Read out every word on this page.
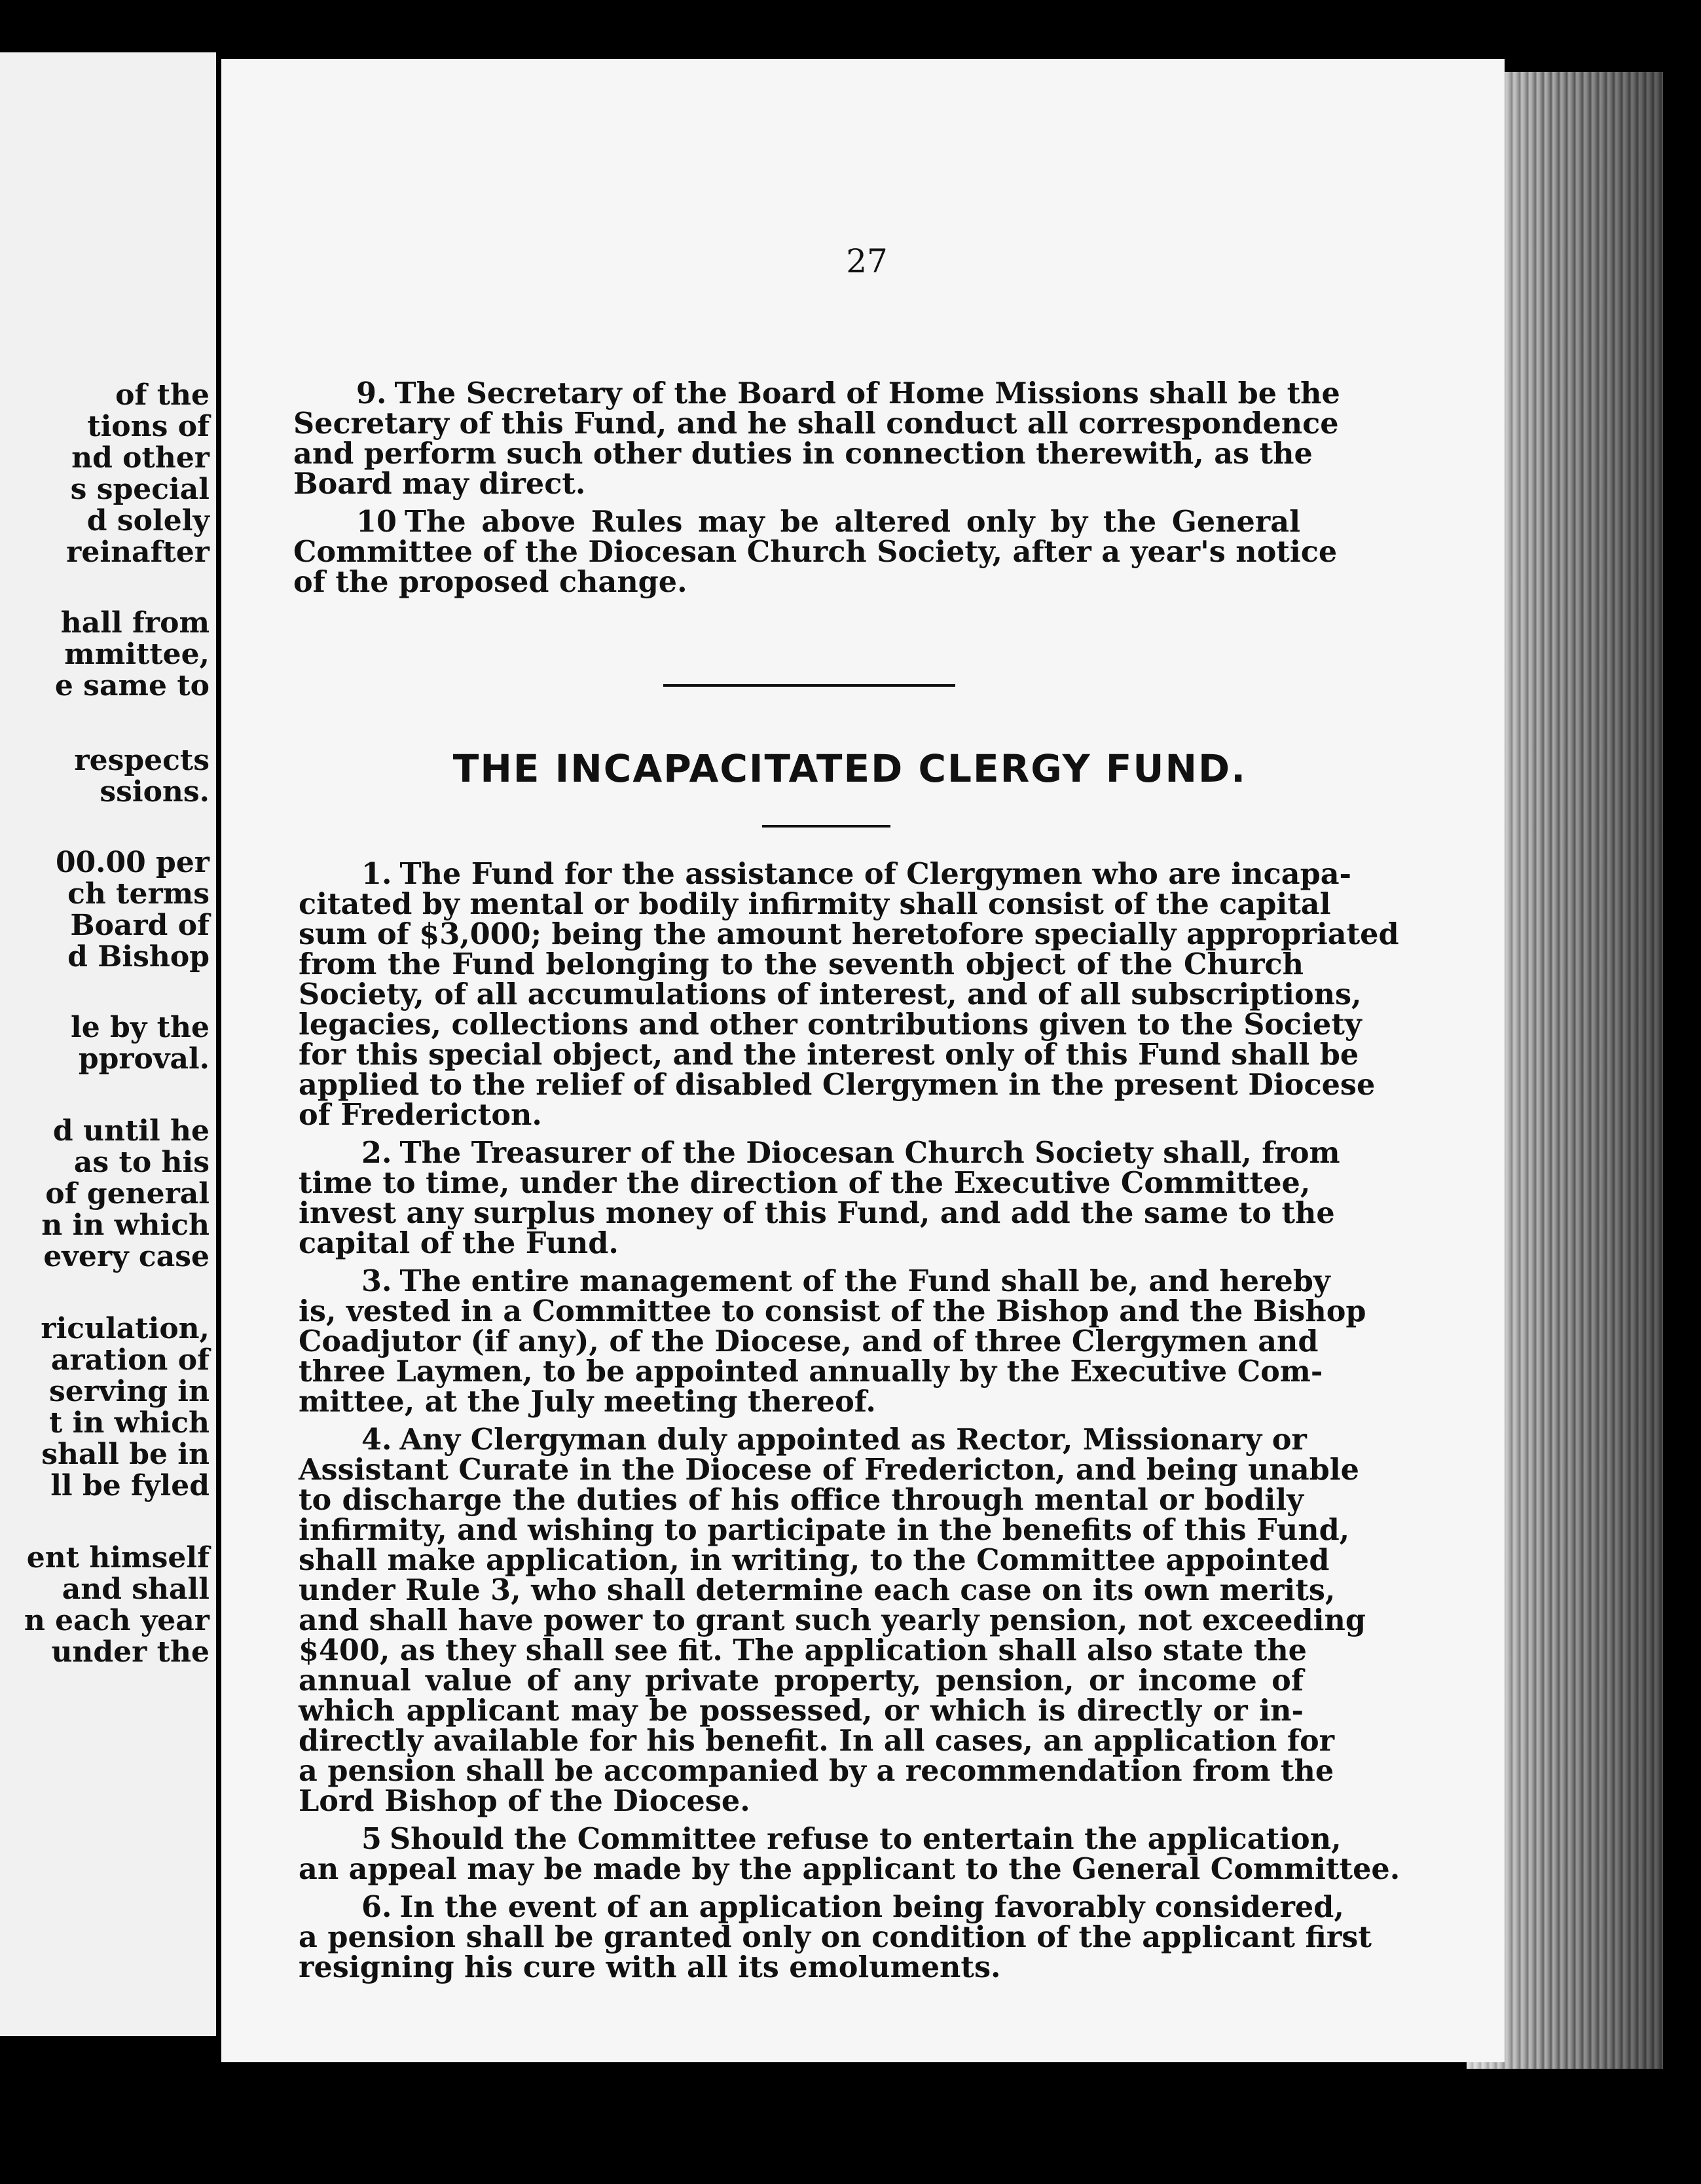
of the
tions of
nd other
s special
d solely
reinafter
hall from
mmittee,
e same to
respects
ssions.
00.00 per
ch terms
Board of
d Bishop
le by the
pproval.
d until he
as to his
of general
n in which
every case
riculation,
aration of
serving in
t in which
shall be in
ll be fyled
ent himself
and shall
n each year
under the
27
9. The Secretary of the Board of Home Missions shall be the
Secretary of this Fund, and he shall conduct all correspondence
and perform such other duties in connection therewith, as the
Board may direct.
10 The above Rules may be altered only by the General
Committee of the Diocesan Church Society, after a year's notice
of the proposed change.
THE INCAPACITATED CLERGY FUND.
1. The Fund for the assistance of Clergymen who are incapa-
citated by mental or bodily infirmity shall consist of the capital
sum of $3,000; being the amount heretofore specially appropriated
from the Fund belonging to the seventh object of the Church
Society, of all accumulations of interest, and of all subscriptions,
legacies, collections and other contributions given to the Society
for this special object, and the interest only of this Fund shall be
applied to the relief of disabled Clergymen in the present Diocese
of Fredericton.
2. The Treasurer of the Diocesan Church Society shall, from
time to time, under the direction of the Executive Committee,
invest any surplus money of this Fund, and add the same to the
capital of the Fund.
3. The entire management of the Fund shall be, and hereby
is, vested in a Committee to consist of the Bishop and the Bishop
Coadjutor (if any), of the Diocese, and of three Clergymen and
three Laymen, to be appointed annually by the Executive Com-
mittee, at the July meeting thereof.
4. Any Clergyman duly appointed as Rector, Missionary or
Assistant Curate in the Diocese of Fredericton, and being unable
to discharge the duties of his office through mental or bodily
infirmity, and wishing to participate in the benefits of this Fund,
shall make application, in writing, to the Committee appointed
under Rule 3, who shall determine each case on its own merits,
and shall have power to grant such yearly pension, not exceeding
$400, as they shall see fit. The application shall also state the
annual value of any private property, pension, or income of
which applicant may be possessed, or which is directly or in-
directly available for his benefit. In all cases, an application for
a pension shall be accompanied by a recommendation from the
Lord Bishop of the Diocese.
5 Should the Committee refuse to entertain the application,
an appeal may be made by the applicant to the General Committee.
6. In the event of an application being favorably considered,
a pension shall be granted only on condition of the applicant first
resigning his cure with all its emoluments.
